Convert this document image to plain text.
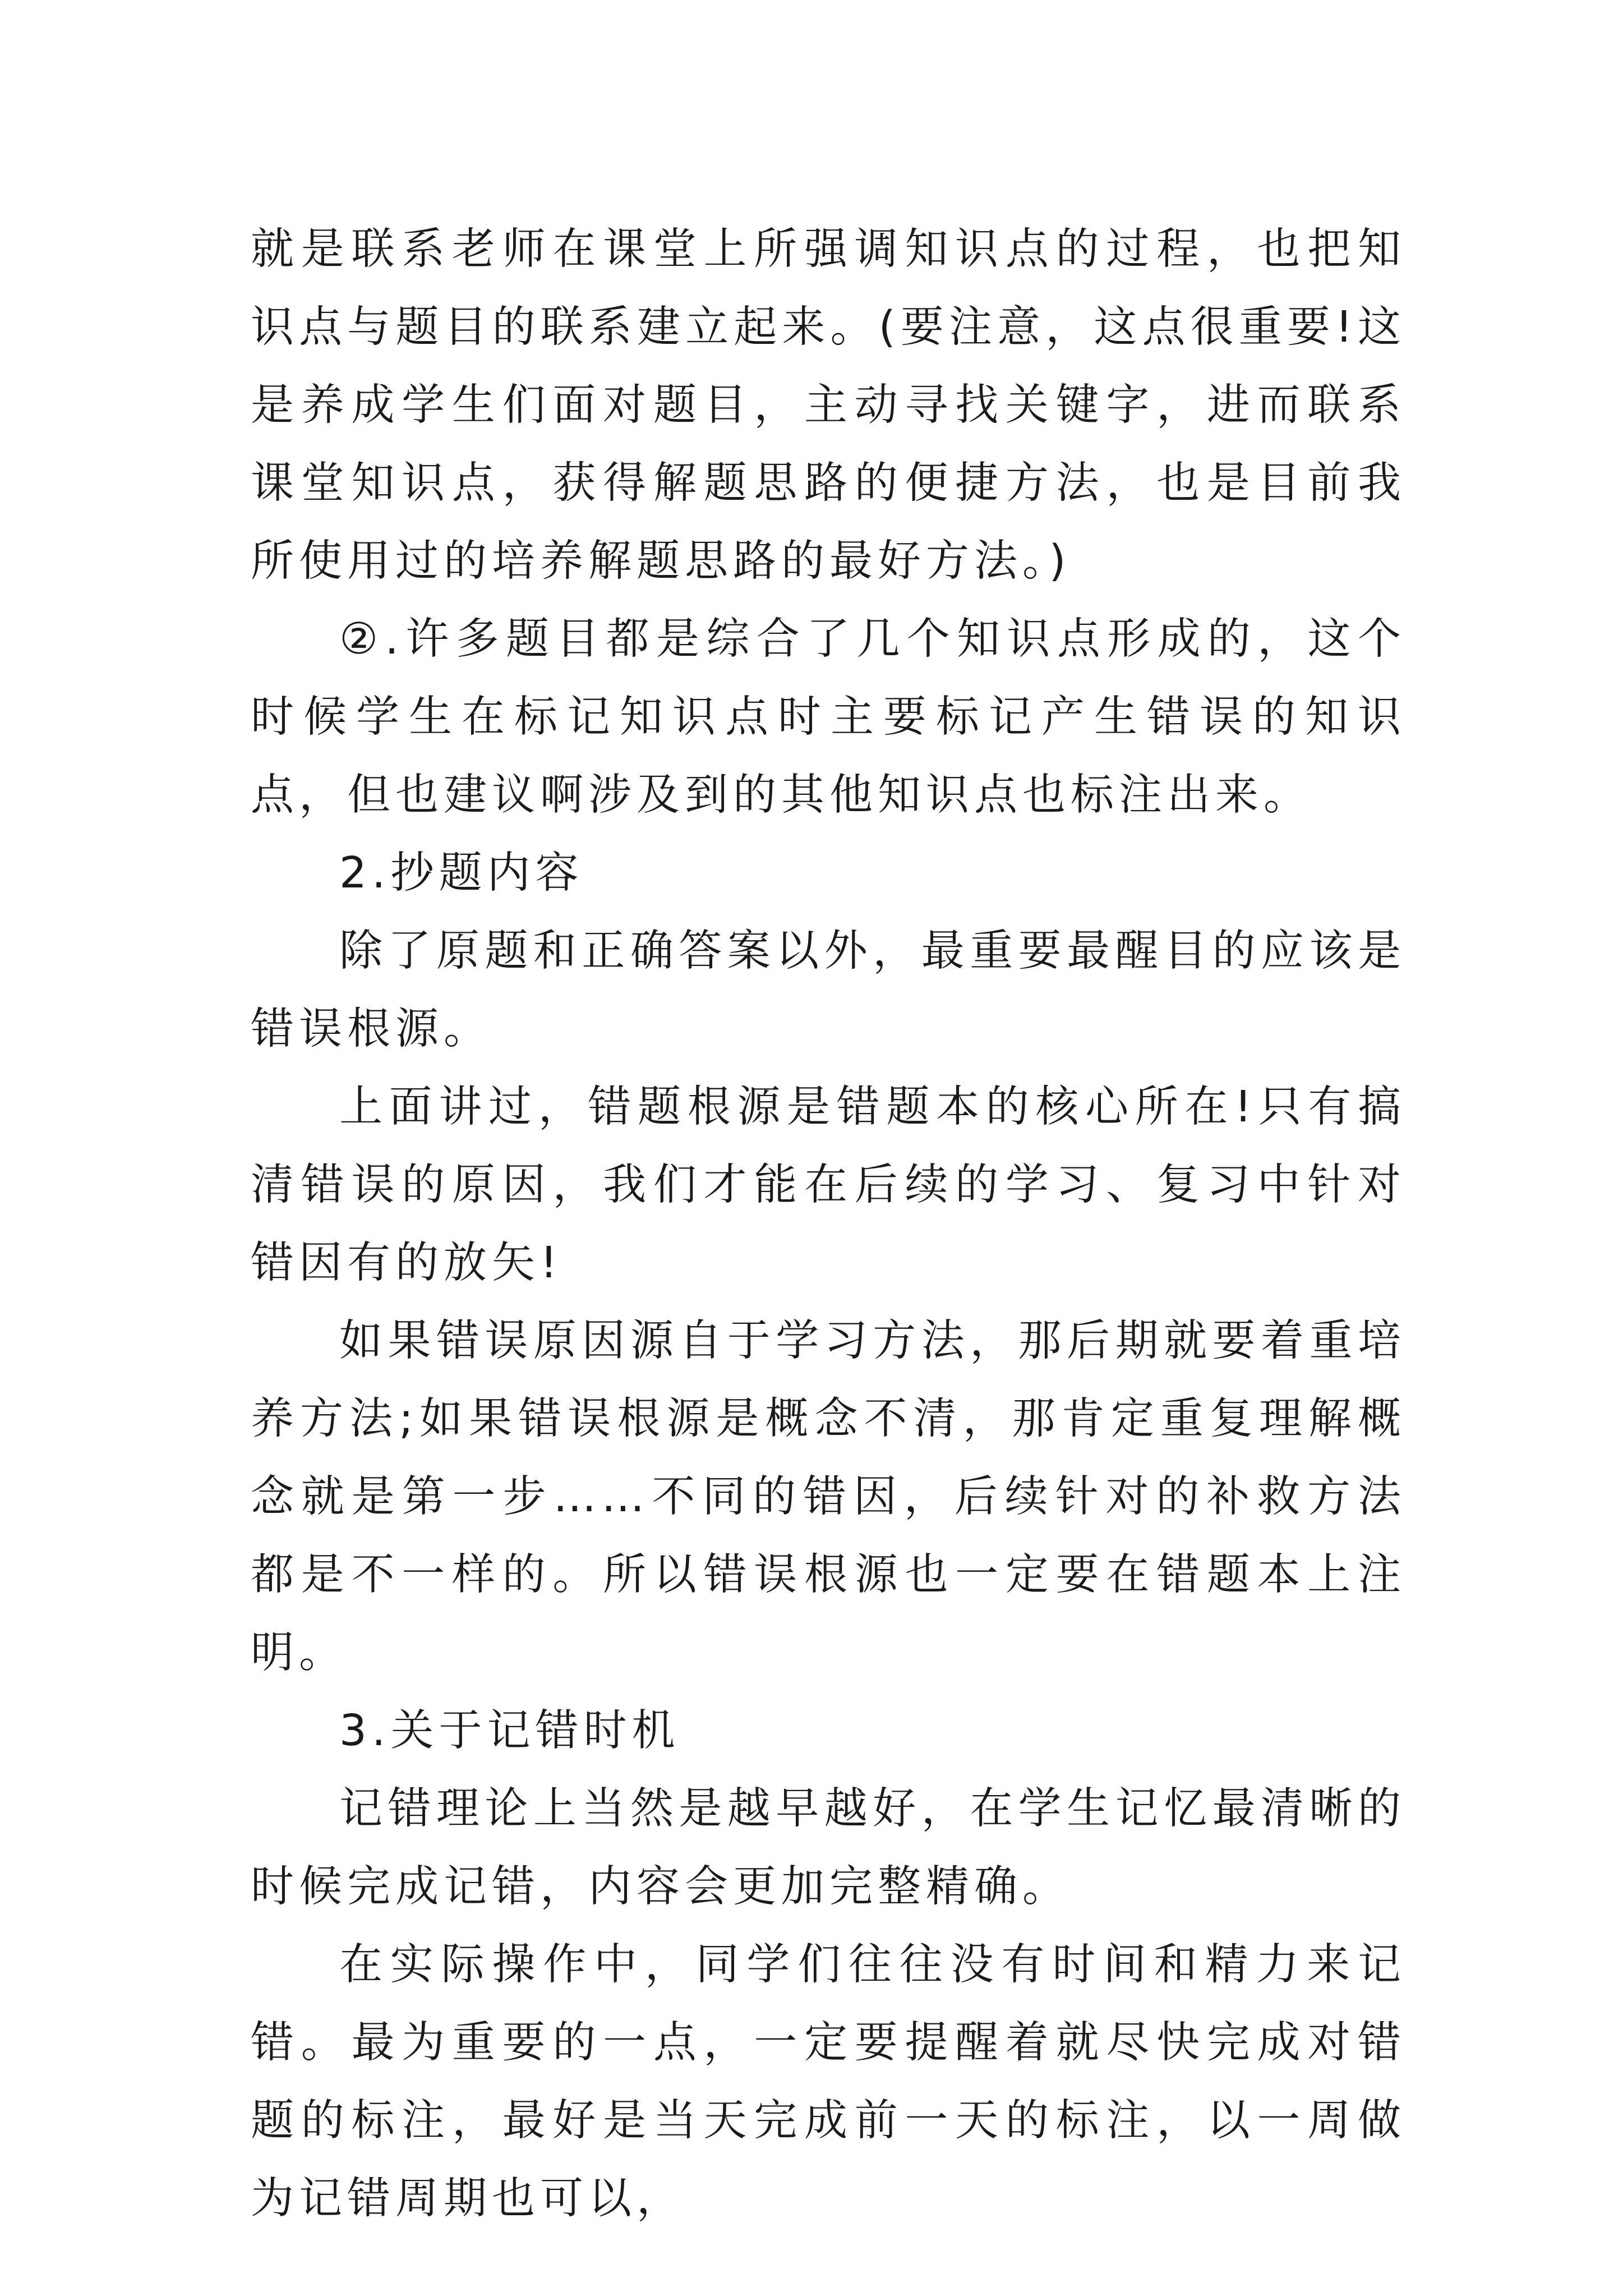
就是联系老师在课堂上所强调知识点的过程，也把知识点与题目的联系建立起来。(要注意，这点很重要!这是养成学生们面对题目，主动寻找关键字，进而联系课堂知识点，获得解题思路的便捷方法，也是目前我所使用过的培养解题思路的最好方法。)

②.许多题目都是综合了几个知识点形成的，这个时候学生在标记知识点时主要标记产生错误的知识点，但也建议啊涉及到的其他知识点也标注出来。

2.抄题内容

除了原题和正确答案以外，最重要最醒目的应该是错误根源。

上面讲过，错题根源是错题本的核心所在!只有搞清错误的原因，我们才能在后续的学习、复习中针对错因有的放矢!

如果错误原因源自于学习方法，那后期就要着重培养方法;如果错误根源是概念不清，那肯定重复理解概念就是第一步……不同的错因，后续针对的补救方法都是不一样的。所以错误根源也一定要在错题本上注明。

3.关于记错时机

记错理论上当然是越早越好，在学生记忆最清晰的时候完成记错，内容会更加完整精确。

在实际操作中，同学们往往没有时间和精力来记错。最为重要的一点，一定要提醒着就尽快完成对错题的标注，最好是当天完成前一天的标注，以一周做为记错周期也可以，
